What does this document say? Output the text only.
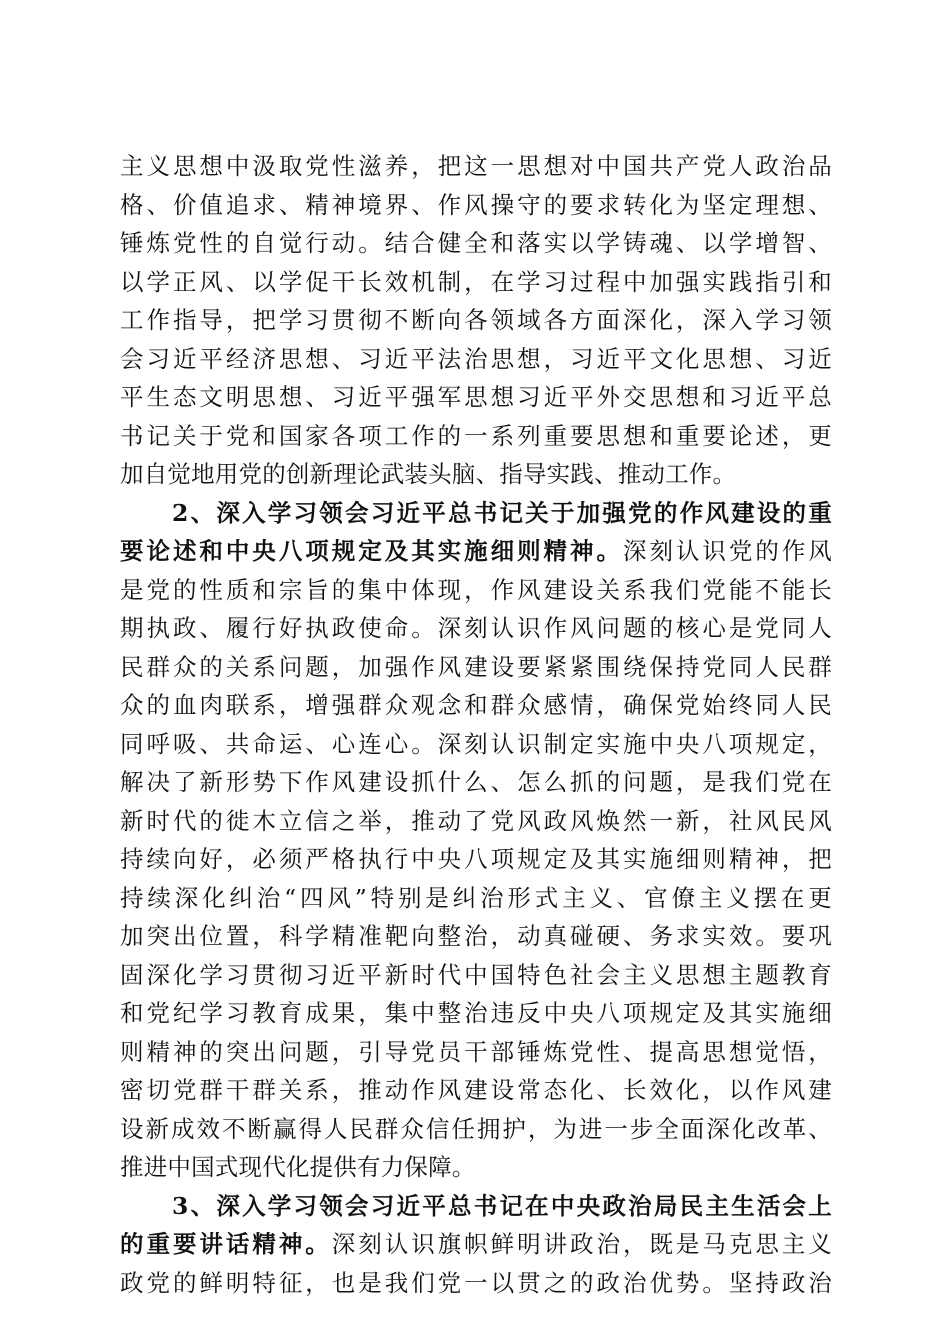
主义思想中汲取党性滋养，把这一思想对中国共产党人政治品
格、价值追求、精神境界、作风操守的要求转化为坚定理想、
锤炼党性的自觉行动。结合健全和落实以学铸魂、以学增智、
以学正风、以学促干长效机制，在学习过程中加强实践指引和
工作指导，把学习贯彻不断向各领域各方面深化，深入学习领
会习近平经济思想、习近平法治思想，习近平文化思想、习近
平生态文明思想、习近平强军思想习近平外交思想和习近平总
书记关于党和国家各项工作的一系列重要思想和重要论述，更
加自觉地用党的创新理论武装头脑、指导实践、推动工作。
2、深入学习领会习近平总书记关于加强党的作风建设的重
要论述和中央八项规定及其实施细则精神。深刻认识党的作风
是党的性质和宗旨的集中体现，作风建设关系我们党能不能长
期执政、履行好执政使命。深刻认识作风问题的核心是党同人
民群众的关系问题，加强作风建设要紧紧围绕保持党同人民群
众的血肉联系，增强群众观念和群众感情，确保党始终同人民
同呼吸、共命运、心连心。深刻认识制定实施中央八项规定，
解决了新形势下作风建设抓什么、怎么抓的问题，是我们党在
新时代的徙木立信之举，推动了党风政风焕然一新，社风民风
持续向好，必须严格执行中央八项规定及其实施细则精神，把
持续深化纠治“四风”特别是纠治形式主义、官僚主义摆在更
加突出位置，科学精准靶向整治，动真碰硬、务求实效。要巩
固深化学习贯彻习近平新时代中国特色社会主义思想主题教育
和党纪学习教育成果，集中整治违反中央八项规定及其实施细
则精神的突出问题，引导党员干部锤炼党性、提高思想觉悟，
密切党群干群关系，推动作风建设常态化、长效化，以作风建
设新成效不断赢得人民群众信任拥护，为进一步全面深化改革、
推进中国式现代化提供有力保障。
3、深入学习领会习近平总书记在中央政治局民主生活会上
的重要讲话精神。深刻认识旗帜鲜明讲政治，既是马克思主义
政党的鲜明特征，也是我们党一以贯之的政治优势。坚持政治
